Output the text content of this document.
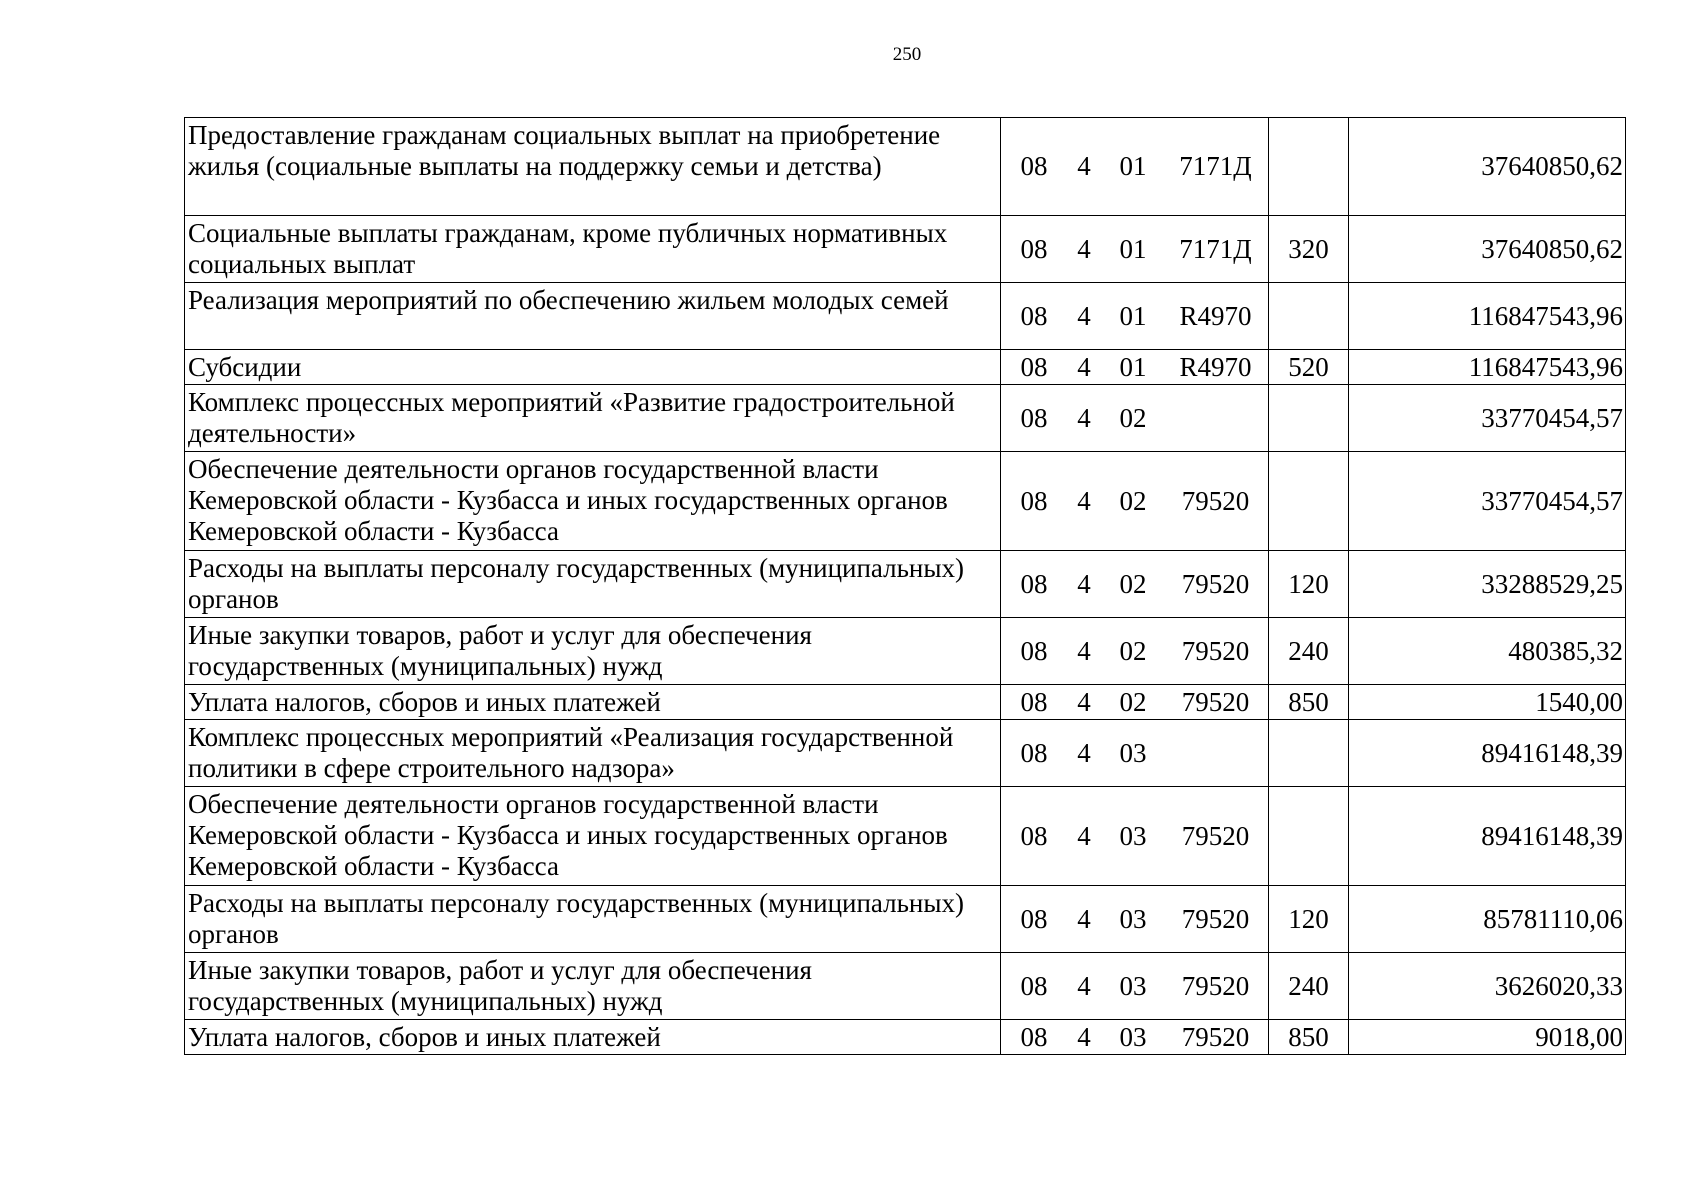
250
Предоставление гражданам социальных выплат на приобретение жилья (социальные выплаты на поддержку семьи и детства)	08 4 01 7171Д		37640850,62
Социальные выплаты гражданам, кроме публичных нормативных социальных выплат	08 4 01 7171Д	320	37640850,62
Реализация мероприятий по обеспечению жильем молодых семей	08 4 01 R4970		116847543,96
Субсидии	08 4 01 R4970	520	116847543,96
Комплекс процессных мероприятий «Развитие градостроительной деятельности»	08 4 02		33770454,57
Обеспечение деятельности органов государственной власти Кемеровской области - Кузбасса и иных государственных органов Кемеровской области - Кузбасса	08 4 02 79520		33770454,57
Расходы на выплаты персоналу государственных (муниципальных) органов	08 4 02 79520	120	33288529,25
Иные закупки товаров, работ и услуг для обеспечения государственных (муниципальных) нужд	08 4 02 79520	240	480385,32
Уплата налогов, сборов и иных платежей	08 4 02 79520	850	1540,00
Комплекс процессных мероприятий «Реализация государственной политики в сфере строительного надзора»	08 4 03		89416148,39
Обеспечение деятельности органов государственной власти Кемеровской области - Кузбасса и иных государственных органов Кемеровской области - Кузбасса	08 4 03 79520		89416148,39
Расходы на выплаты персоналу государственных (муниципальных) органов	08 4 03 79520	120	85781110,06
Иные закупки товаров, работ и услуг для обеспечения государственных (муниципальных) нужд	08 4 03 79520	240	3626020,33
Уплата налогов, сборов и иных платежей	08 4 03 79520	850	9018,00
